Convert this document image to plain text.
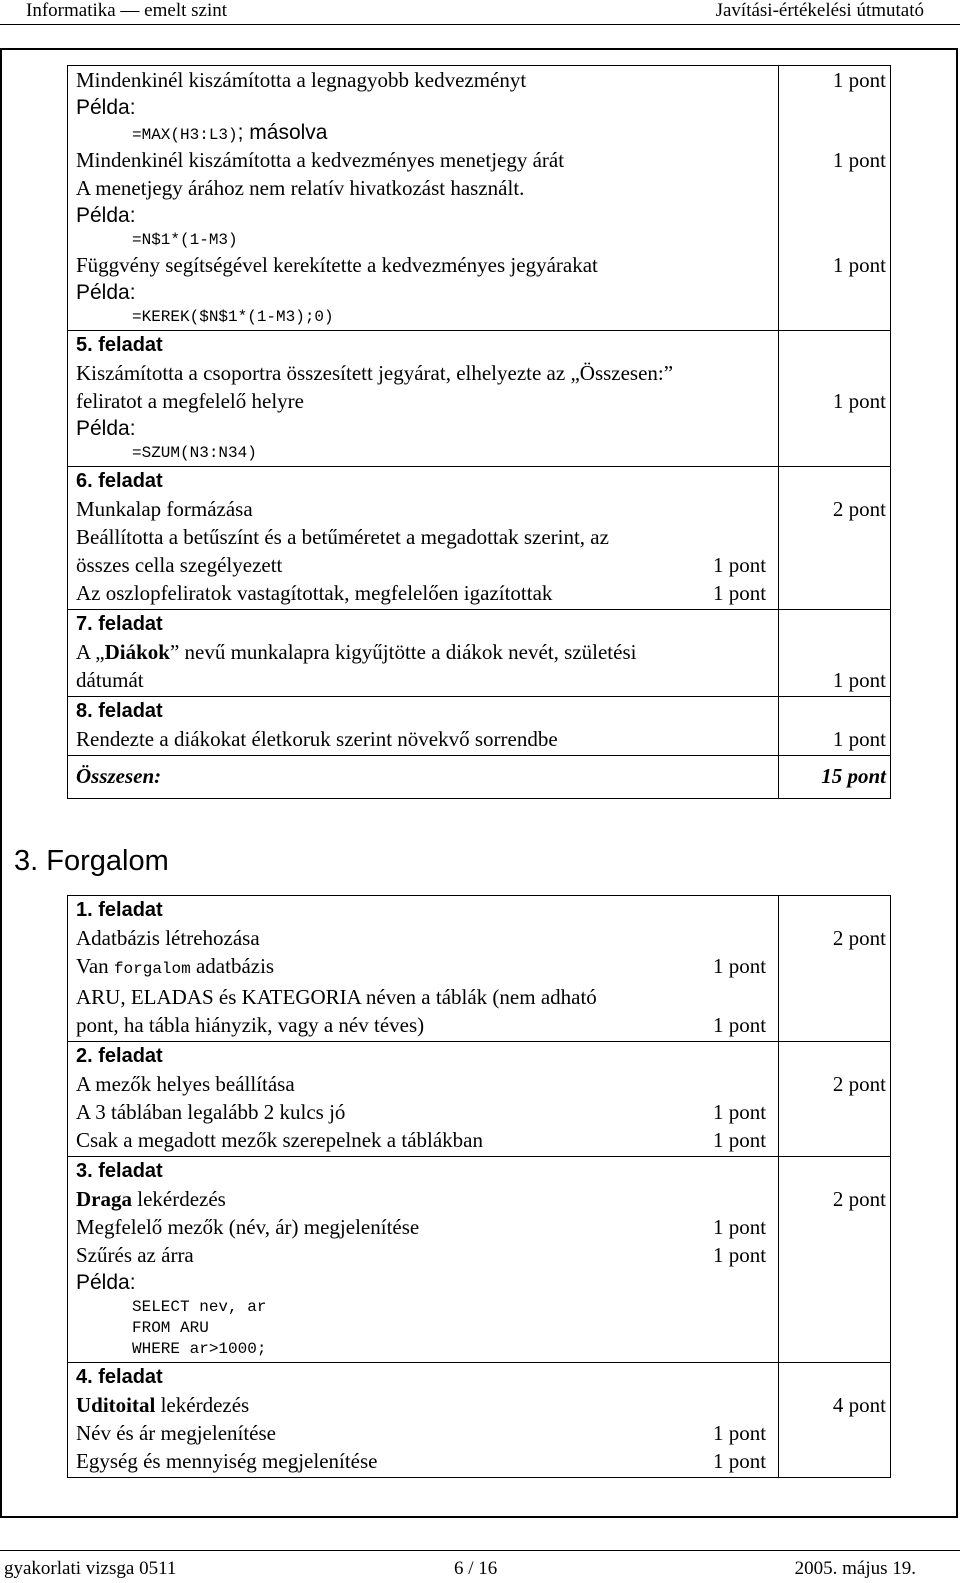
Informatika — emelt szint	Javítási-értékelési útmutató
Mindenkinél kiszámította a legnagyobb kedvezményt	1 pont
Példa:
=MAX(H3:L3); másolva
Mindenkinél kiszámította a kedvezményes menetjegy árát	1 pont
A menetjegy árához nem relatív hivatkozást használt.
Példa:
=N$1*(1-M3)
Függvény segítségével kerekítette a kedvezményes jegyárakat	1 pont
Példa:
=KEREK($N$1*(1-M3);0)
5. feladat
Kiszámította a csoportra összesített jegyárat, elhelyezte az „Összesen:”
feliratot a megfelelő helyre	1 pont
Példa:
=SZUM(N3:N34)
6. feladat
Munkalap formázása	2 pont
Beállította a betűszínt és a betűméretet a megadottak szerint, az
összes cella szegélyezett	1 pont
Az oszlopfeliratok vastagítottak, megfelelően igazítottak	1 pont
7. feladat
A „Diákok” nevű munkalapra kigyűjtötte a diákok nevét, születési
dátumát	1 pont
8. feladat
Rendezte a diákokat életkoruk szerint növekvő sorrendbe	1 pont
Összesen:	15 pont
3. Forgalom
1. feladat
Adatbázis létrehozása	2 pont
Van forgalom adatbázis	1 pont
ARU, ELADAS és KATEGORIA néven a táblák (nem adható
pont, ha tábla hiányzik, vagy a név téves)	1 pont
2. feladat
A mezők helyes beállítása	2 pont
A 3 táblában legalább 2 kulcs jó	1 pont
Csak a megadott mezők szerepelnek a táblákban	1 pont
3. feladat
Draga lekérdezés	2 pont
Megfelelő mezők (név, ár) megjelenítése	1 pont
Szűrés az árra	1 pont
Példa:
SELECT nev, ar
FROM ARU
WHERE ar>1000;
4. feladat
Uditoital lekérdezés	4 pont
Név és ár megjelenítése	1 pont
Egység és mennyiség megjelenítése	1 pont
gyakorlati vizsga 0511	6 / 16	2005. május 19.
